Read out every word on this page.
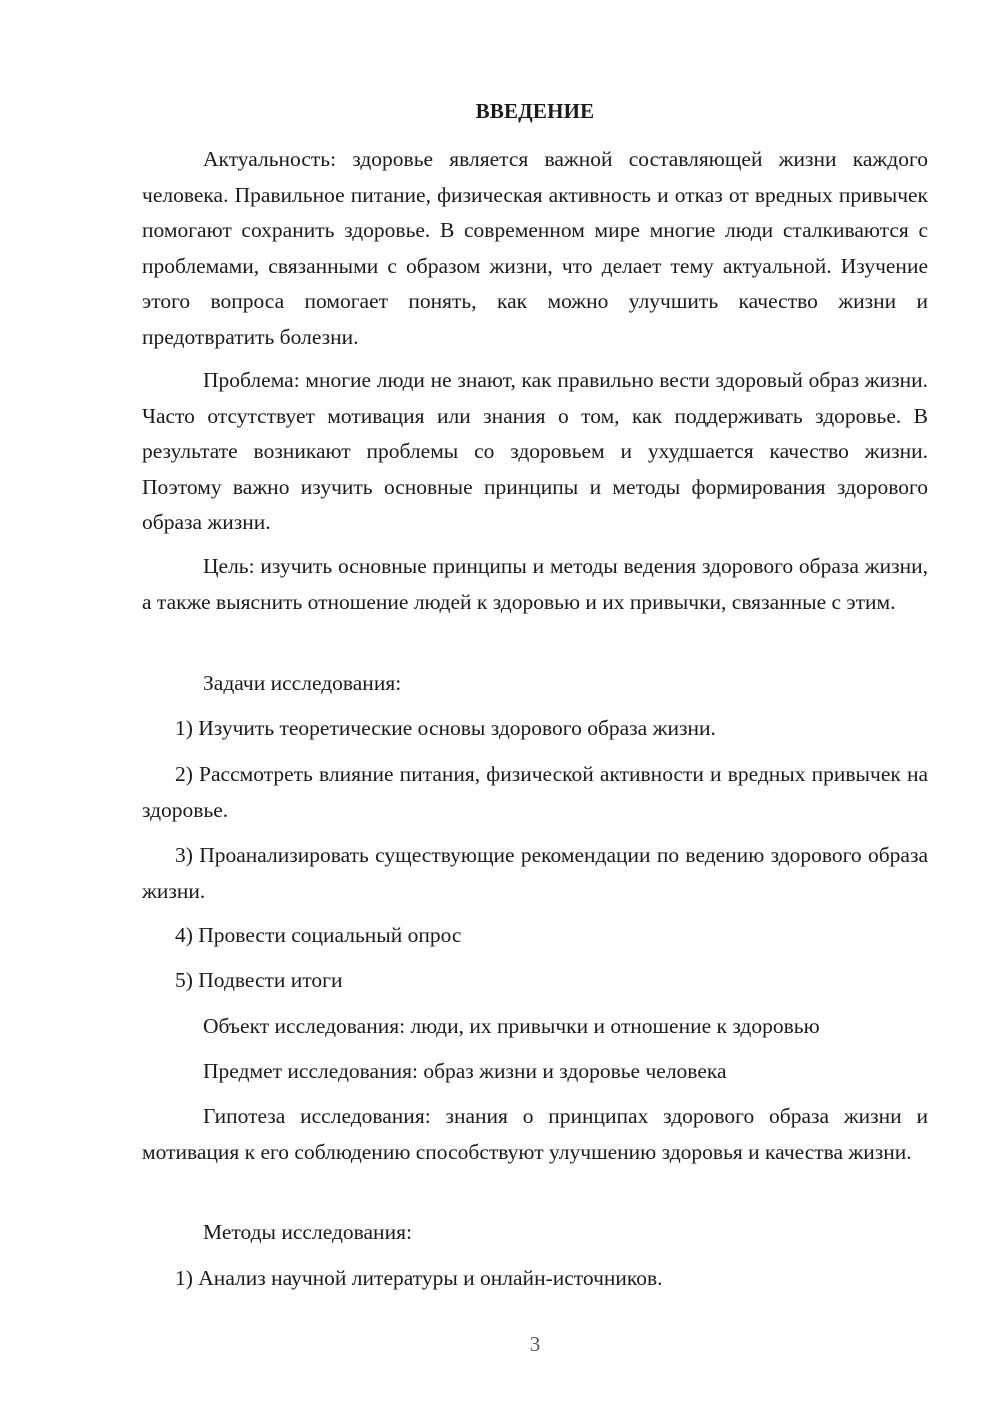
ВВЕДЕНИЕ
Актуальность: здоровье является важной составляющей жизни каждого человека. Правильное питание, физическая активность и отказ от вредных привычек помогают сохранить здоровье. В современном мире многие люди сталкиваются с проблемами, связанными с образом жизни, что делает тему актуальной. Изучение этого вопроса помогает понять, как можно улучшить качество жизни и предотвратить болезни.
Проблема: многие люди не знают, как правильно вести здоровый образ жизни. Часто отсутствует мотивация или знания о том, как поддерживать здоровье. В результате возникают проблемы со здоровьем и ухудшается качество жизни. Поэтому важно изучить основные принципы и методы формирования здорового образа жизни.
Цель: изучить основные принципы и методы ведения здорового образа жизни, а также выяснить отношение людей к здоровью и их привычки, связанные с этим.
Задачи исследования:
1) Изучить теоретические основы здорового образа жизни.
2) Рассмотреть влияние питания, физической активности и вредных привычек на здоровье.
3) Проанализировать существующие рекомендации по ведению здорового образа жизни.
4) Провести социальный опрос
5) Подвести итоги
Объект исследования: люди, их привычки и отношение к здоровью
Предмет исследования: образ жизни и здоровье человека
Гипотеза исследования: знания о принципах здорового образа жизни и мотивация к его соблюдению способствуют улучшению здоровья и качества жизни.
Методы исследования:
1) Анализ научной литературы и онлайн-источников.
3
